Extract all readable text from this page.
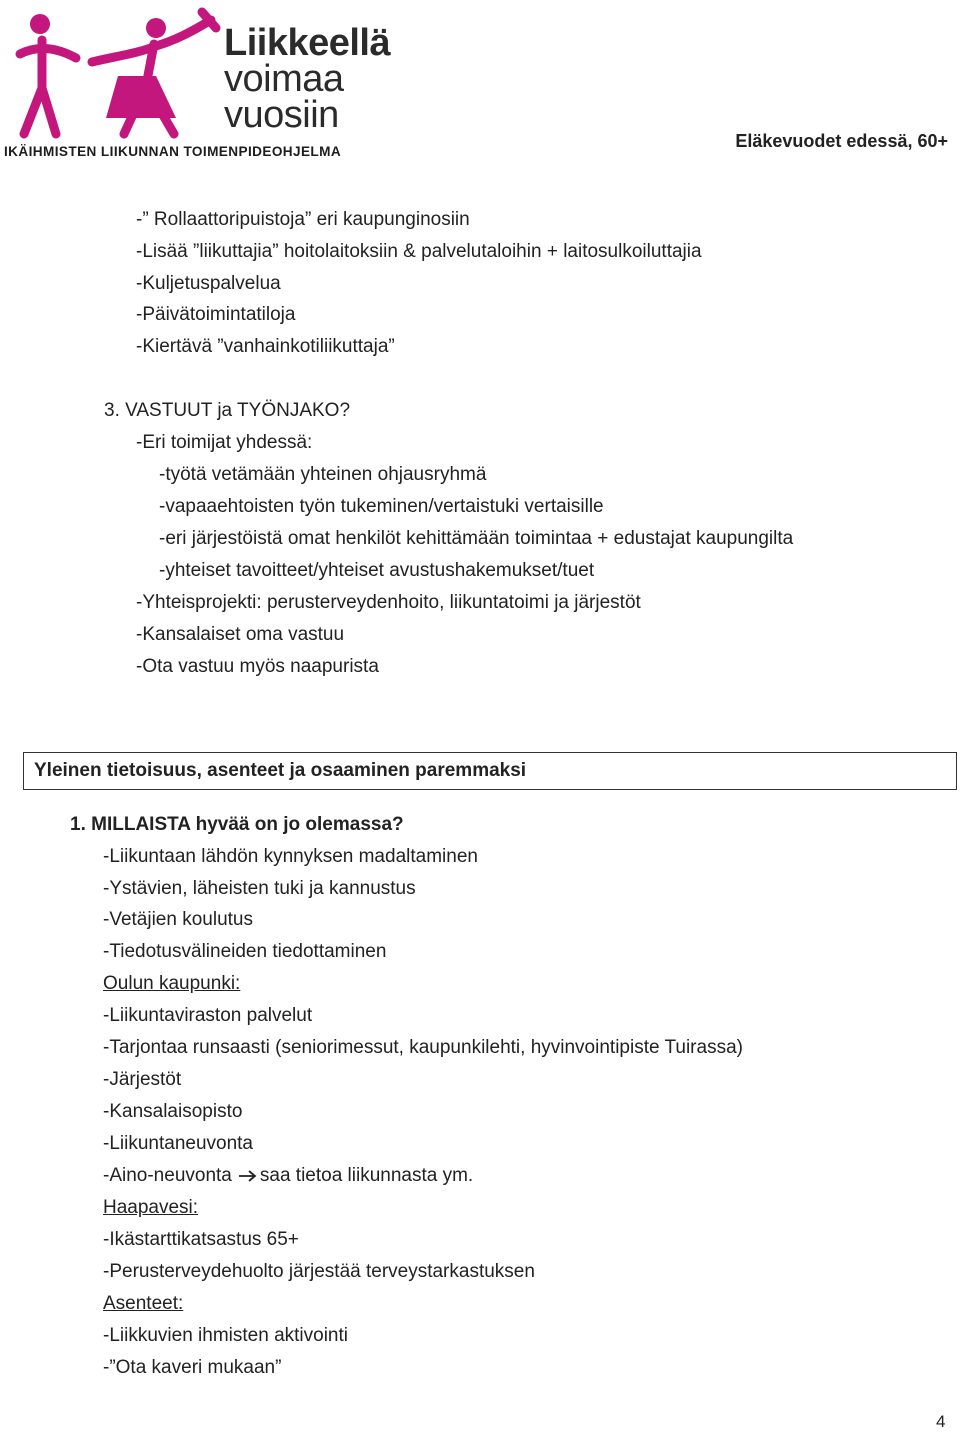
Liikkeellä
voimaa
vuosiin
IKÄIHMISTEN LIIKUNNAN TOIMENPIDEOHJELMA
Eläkevuodet edessä, 60+
-” Rollaattoripuistoja” eri kaupunginosiin
-Lisää ”liikuttajia” hoitolaitoksiin & palvelutaloihin + laitosulkoiluttajia
-Kuljetuspalvelua
-Päivätoimintatiloja
-Kiertävä ”vanhainkotiliikuttaja”
3. VASTUUT ja TYÖNJAKO?
-Eri toimijat yhdessä:
-työtä vetämään yhteinen ohjausryhmä
-vapaaehtoisten työn tukeminen/vertaistuki vertaisille
-eri järjestöistä omat henkilöt kehittämään toimintaa + edustajat kaupungilta
-yhteiset tavoitteet/yhteiset avustushakemukset/tuet
-Yhteisprojekti: perusterveydenhoito, liikuntatoimi ja järjestöt
-Kansalaiset oma vastuu
-Ota vastuu myös naapurista
Yleinen tietoisuus, asenteet ja osaaminen paremmaksi
1. MILLAISTA hyvää on jo olemassa?
-Liikuntaan lähdön kynnyksen madaltaminen
-Ystävien, läheisten tuki ja kannustus
-Vetäjien koulutus
-Tiedotusvälineiden tiedottaminen
Oulun kaupunki:
-Liikuntaviraston palvelut
-Tarjontaa runsaasti (seniorimessut, kaupunkilehti, hyvinvointipiste Tuirassa)
-Järjestöt
-Kansalaisopisto
-Liikuntaneuvonta
-Aino-neuvonta saa tietoa liikunnasta ym.
Haapavesi:
-Ikästarttikatsastus 65+
-Perusterveydehuolto järjestää terveystarkastuksen
Asenteet:
-Liikkuvien ihmisten aktivointi
-”Ota kaveri mukaan”
4
